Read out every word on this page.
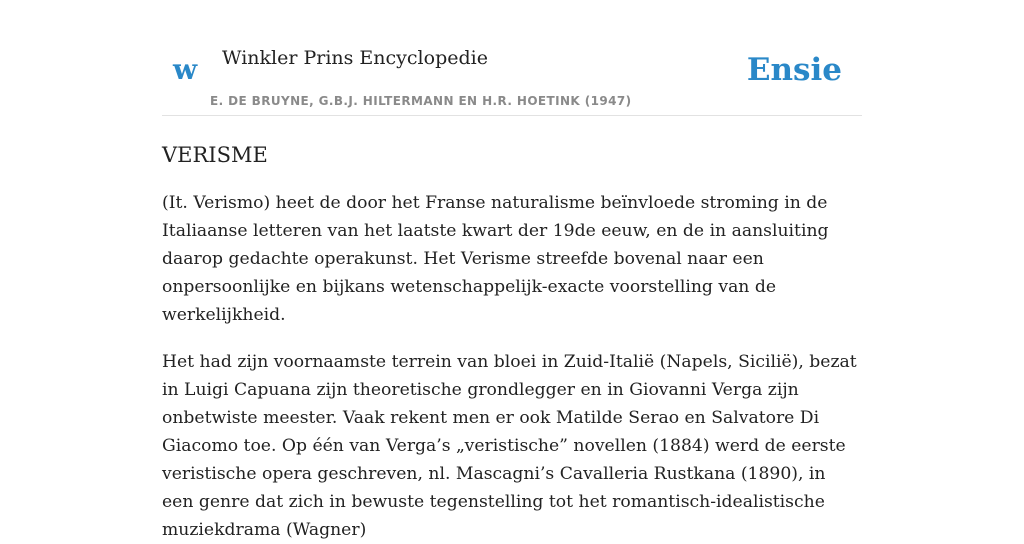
w Winkler Prins Encyclopedie
E. DE BRUYNE, G.B.J. HILTERMANN EN H.R. HOETINK (1947)
Ensie
VERISME

(It. Verismo) heet de door het Franse naturalisme beïnvloede stroming in de Italiaanse letteren van het laatste kwart der 19de eeuw, en de in aansluiting daarop gedachte operakunst. Het Verisme streefde bovenal naar een onpersoonlijke en bijkans wetenschappelijk-exacte voorstelling van de werkelijkheid.

Het had zijn voornaamste terrein van bloei in Zuid-Italië (Napels, Sicilië), bezat in Luigi Capuana zijn theoretische grondlegger en in Giovanni Verga zijn onbetwiste meester. Vaak rekent men er ook Matilde Serao en Salvatore Di Giacomo toe. Op één van Verga’s „veristische” novellen (1884) werd de eerste veristische opera geschreven, nl. Mascagni’s Cavalleria Rustkana (1890), in een genre dat zich in bewuste tegenstelling tot het romantisch-idealistische muziekdrama (Wagner)
